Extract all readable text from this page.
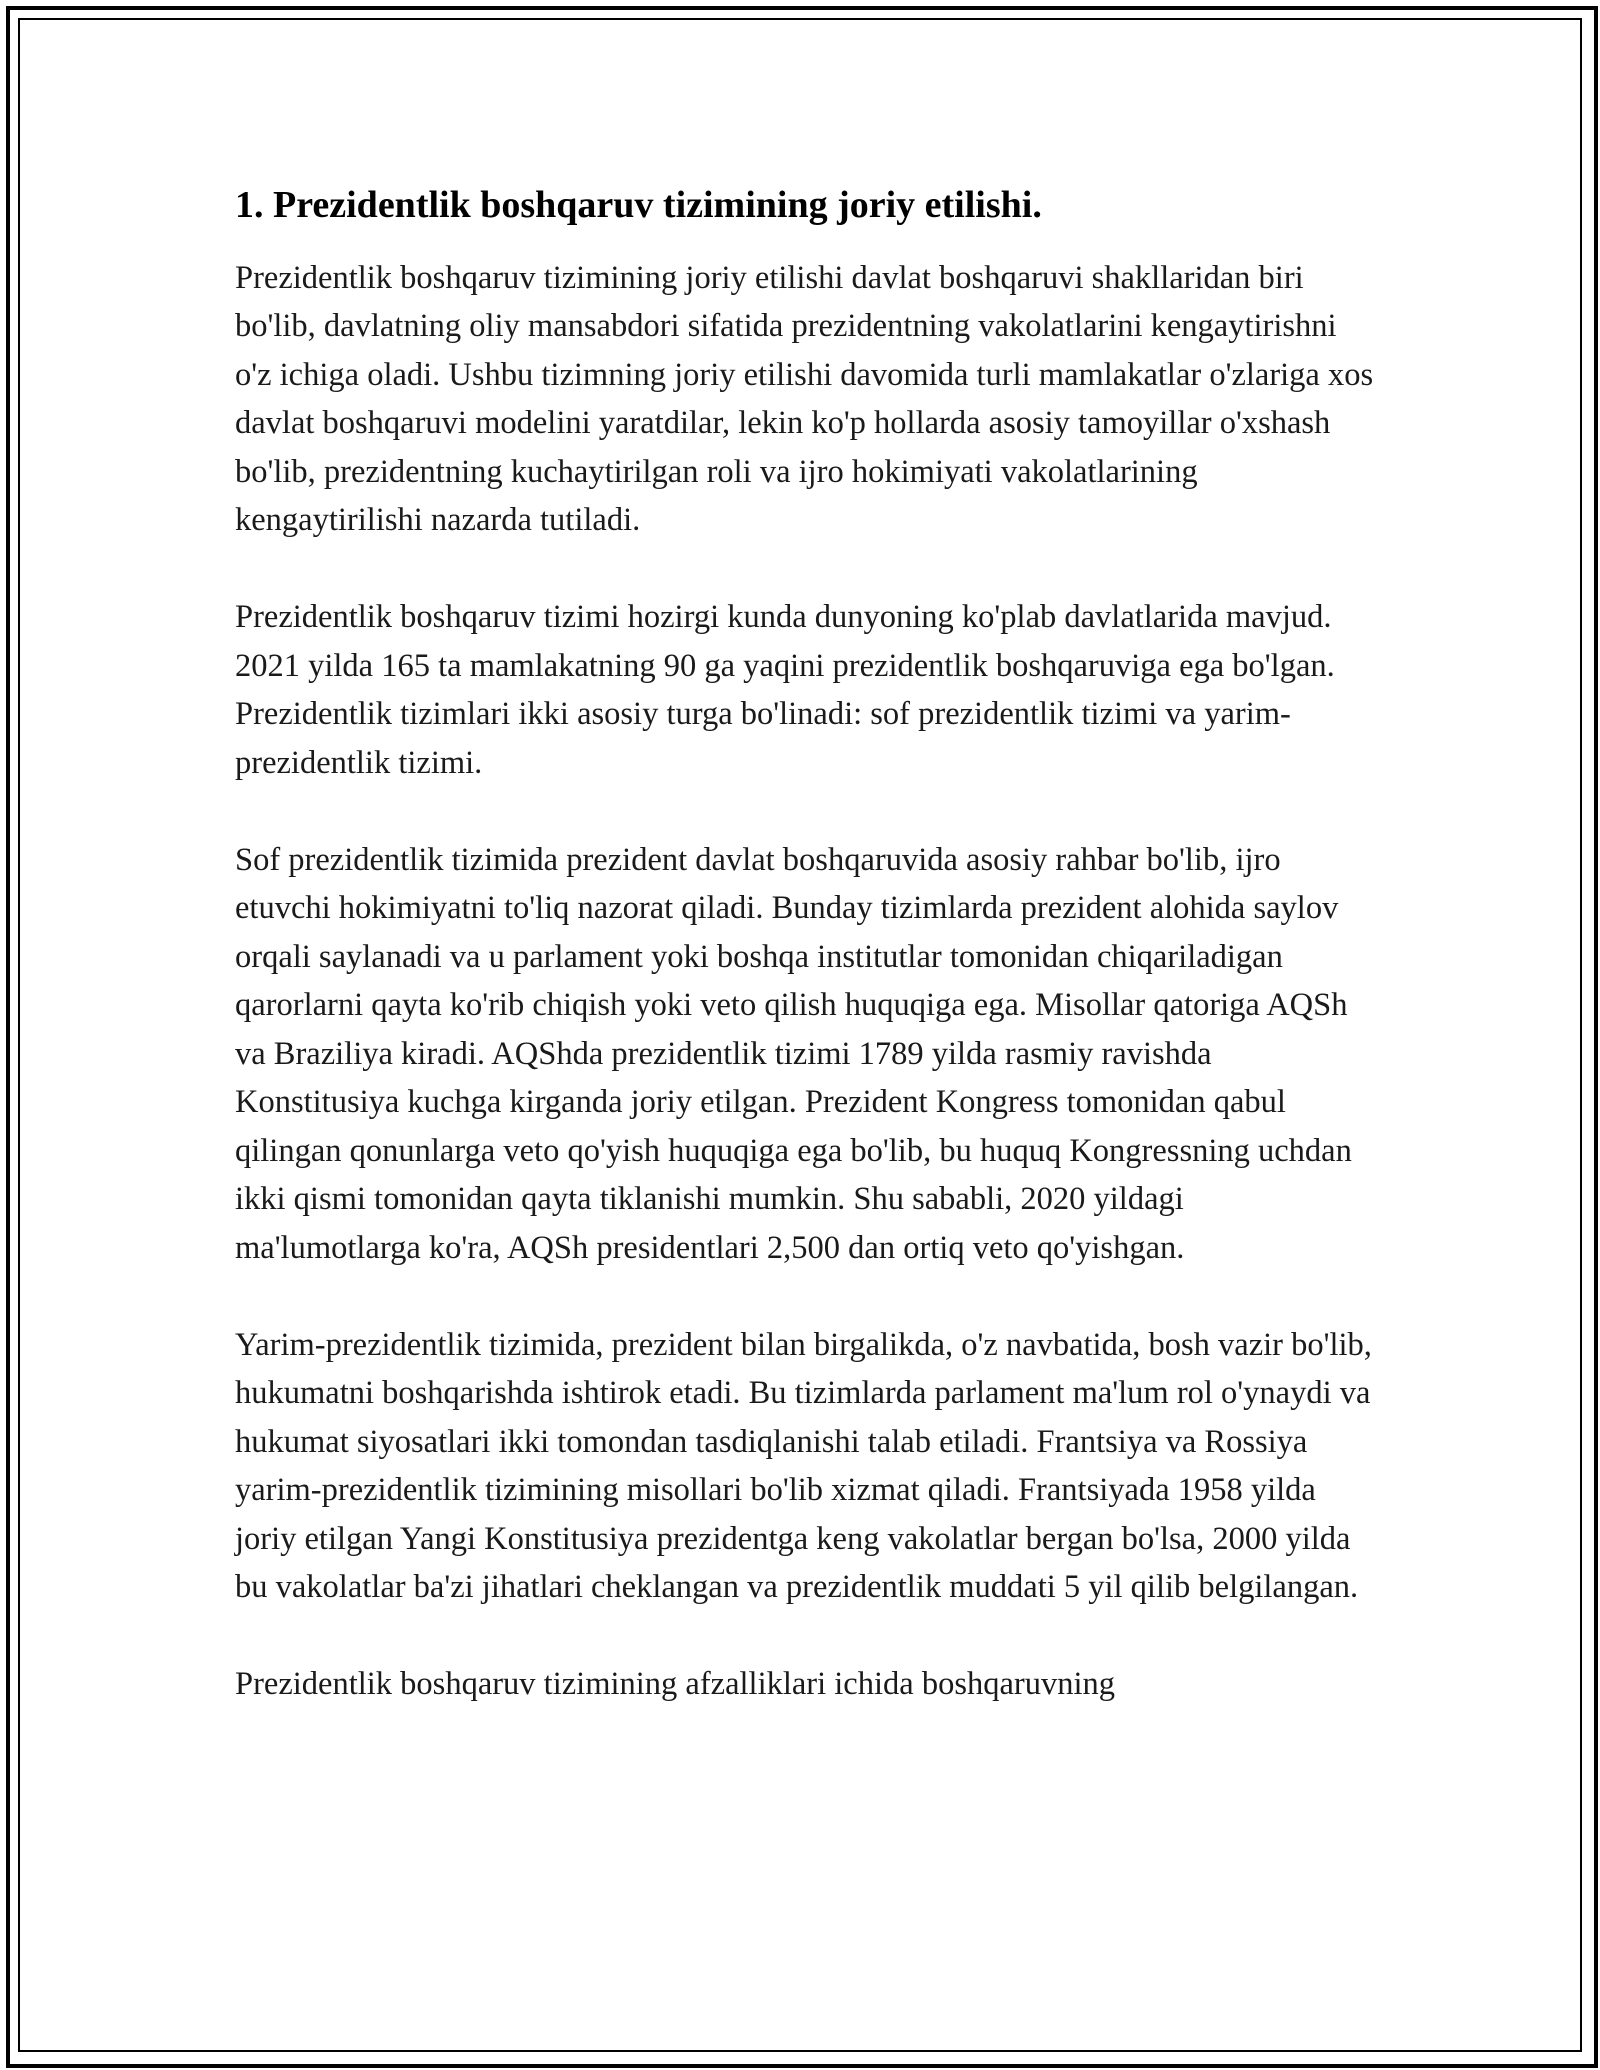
1. Prezidentlik boshqaruv tizimining joriy etilishi.

Prezidentlik boshqaruv tizimining joriy etilishi davlat boshqaruvi shakllaridan biri bo'lib, davlatning oliy mansabdori sifatida prezidentning vakolatlarini kengaytirishni o'z ichiga oladi. Ushbu tizimning joriy etilishi davomida turli mamlakatlar o'zlariga xos davlat boshqaruvi modelini yaratdilar, lekin ko'p hollarda asosiy tamoyillar o'xshash bo'lib, prezidentning kuchaytirilgan roli va ijro hokimiyati vakolatlarining kengaytirilishi nazarda tutiladi.

Prezidentlik boshqaruv tizimi hozirgi kunda dunyoning ko'plab davlatlarida mavjud. 2021 yilda 165 ta mamlakatning 90 ga yaqini prezidentlik boshqaruviga ega bo'lgan. Prezidentlik tizimlari ikki asosiy turga bo'linadi: sof prezidentlik tizimi va yarim-prezidentlik tizimi.

Sof prezidentlik tizimida prezident davlat boshqaruvida asosiy rahbar bo'lib, ijro etuvchi hokimiyatni to'liq nazorat qiladi. Bunday tizimlarda prezident alohida saylov orqali saylanadi va u parlament yoki boshqa institutlar tomonidan chiqariladigan qarorlarni qayta ko'rib chiqish yoki veto qilish huquqiga ega. Misollar qatoriga AQSh va Braziliya kiradi. AQShda prezidentlik tizimi 1789 yilda rasmiy ravishda Konstitusiya kuchga kirganda joriy etilgan. Prezident Kongress tomonidan qabul qilingan qonunlarga veto qo'yish huquqiga ega bo'lib, bu huquq Kongressning uchdan ikki qismi tomonidan qayta tiklanishi mumkin. Shu sababli, 2020 yildagi ma'lumotlarga ko'ra, AQSh presidentlari 2,500 dan ortiq veto qo'yishgan.

Yarim-prezidentlik tizimida, prezident bilan birgalikda, o'z navbatida, bosh vazir bo'lib, hukumatni boshqarishda ishtirok etadi. Bu tizimlarda parlament ma'lum rol o'ynaydi va hukumat siyosatlari ikki tomondan tasdiqlanishi talab etiladi. Frantsiya va Rossiya yarim-prezidentlik tizimining misollari bo'lib xizmat qiladi. Frantsiyada 1958 yilda joriy etilgan Yangi Konstitusiya prezidentga keng vakolatlar bergan bo'lsa, 2000 yilda bu vakolatlar ba'zi jihatlari cheklangan va prezidentlik muddati 5 yil qilib belgilangan.

Prezidentlik boshqaruv tizimining afzalliklari ichida boshqaruvning
